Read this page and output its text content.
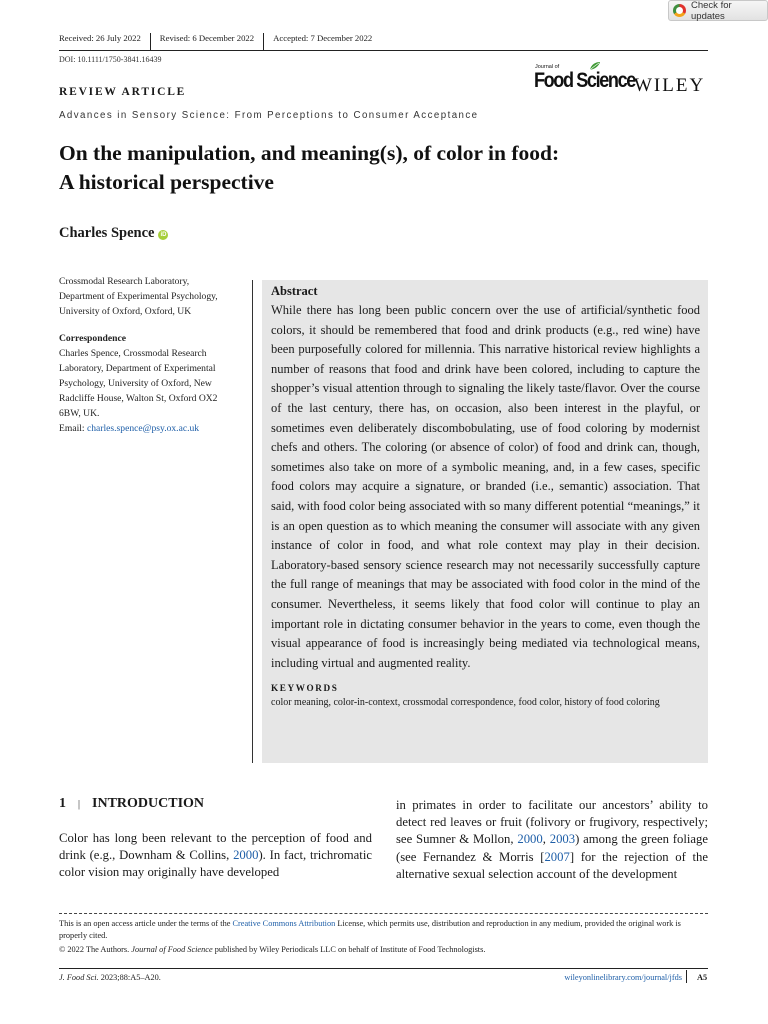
Check for updates
Received: 26 July 2022	Revised: 6 December 2022	Accepted: 7 December 2022
DOI: 10.1111/1750-3841.16439
Journal of
Food Science WILEY
REVIEW ARTICLE
Advances in Sensory Science: From Perceptions to Consumer Acceptance
On the manipulation, and meaning(s), of color in food:
A historical perspective
Charles Spence	iD
Crossmodal Research Laboratory,
Department of Experimental Psychology,
University of Oxford, Oxford, UK
Correspondence
Charles Spence, Crossmodal Research
Laboratory, Department of Experimental
Psychology, University of Oxford, New
Radcliffe House, Walton St, Oxford OX2
6BW, UK.
Email: charles.spence@psy.ox.ac.uk
Abstract

While there has long been public concern over the use of artificial/synthetic food colors, it should be remembered that food and drink products (e.g., red wine) have been purposefully colored for millennia. This narrative historical review highlights a number of reasons that food and drink have been colored, including to capture the shopper’s visual attention through to signaling the likely taste/flavor. Over the course of the last century, there has, on occasion, also been interest in the playful, or sometimes even deliberately discombobulating, use of food coloring by modernist chefs and others. The coloring (or absence of color) of food and drink can, though, sometimes also take on more of a symbolic meaning, and, in a few cases, specific food colors may acquire a signature, or branded (i.e., semantic) association. That said, with food color being associated with so many different potential “meanings,” it is an open question as to which meaning the consumer will associate with any given instance of color in food, and what role context may play in their decision. Laboratory-based sensory science research may not necessarily successfully capture the full range of meanings that may be associated with food color in the mind of the consumer. Nevertheless, it seems likely that food color will continue to play an important role in dictating consumer behavior in the years to come, even though the visual appearance of food is increasingly being mediated via technological means, including virtual and augmented reality.

KEYWORDS
color meaning, color-in-context, crossmodal correspondence, food color, history of food coloring
1 | INTRODUCTION

Color has long been relevant to the perception of food and drink (e.g., Downham & Collins, 2000). In fact, trichromatic color vision may originally have developed

in primates in order to facilitate our ancestors’ ability to detect red leaves or fruit (folivory or frugivory, respectively; see Sumner & Mollon, 2000, 2003) among the green foliage (see Fernandez & Morris [2007] for the rejection of the alternative sexual selection account of the development

This is an open access article under the terms of the Creative Commons Attribution License, which permits use, distribution and reproduction in any medium, provided the original work is properly cited.

© 2022 The Authors. Journal of Food Science published by Wiley Periodicals LLC on behalf of Institute of Food Technologists.

J. Food Sci. 2023;88:A5–A20.	wileyonlinelibrary.com/journal/jfds A5
